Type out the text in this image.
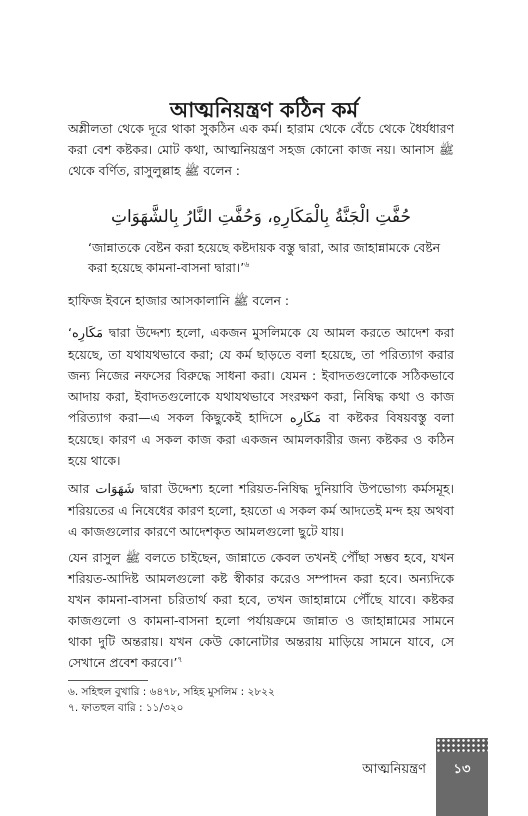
আত্মনিয়ন্ত্রণ কঠিন কর্ম

অশ্লীলতা থেকে দূরে থাকা সুকঠিন এক কর্ম। হারাম থেকে বেঁচে থেকে ধৈর্যধারণ করা বেশ কষ্টকর। মোট কথা, আত্মনিয়ন্ত্রণ সহজ কোনো কাজ নয়। আনাস ﷺ থেকে বর্ণিত, রাসুলুল্লাহ ﷺ বলেন :

حُفَّتِ الْجَنَّةُ بِالْمَكَارِهِ، وَحُفَّتِ النَّارُ بِالشَّهَوَاتِ

‘জান্নাতকে বেষ্টন করা হয়েছে কষ্টদায়ক বস্তু দ্বারা, আর জাহান্নামকে বেষ্টন করা হয়েছে কামনা-বাসনা দ্বারা।’$^৬$

হাফিজ ইবনে হাজার আসকালানি ﷺ বলেন :

‘مَكَارِه দ্বারা উদ্দেশ্য হলো, একজন মুসলিমকে যে আমল করতে আদেশ করা হয়েছে, তা যথাযথভাবে করা; যে কর্ম ছাড়তে বলা হয়েছে, তা পরিত্যাগ করার জন্য নিজের নফসের বিরুদ্ধে সাধনা করা। যেমন : ইবাদতগুলোকে সঠিকভাবে আদায় করা, ইবাদতগুলোকে যথাযথভাবে সংরক্ষণ করা, নিষিদ্ধ কথা ও কাজ পরিত্যাগ করা—এ সকল কিছুকেই হাদিসে مَكَارِه বা কষ্টকর বিষয়বস্তু বলা হয়েছে। কারণ এ সকল কাজ করা একজন আমলকারীর জন্য কষ্টকর ও কঠিন হয়ে থাকে।

আর شَهَوَات দ্বারা উদ্দেশ্য হলো শরিয়ত-নিষিদ্ধ দুনিয়াবি উপভোগ্য কর্মসমূহ। শরিয়তের এ নিষেধের কারণ হলো, হয়তো এ সকল কর্ম আদতেই মন্দ হয় অথবা এ কাজগুলোর কারণে আদেশকৃত আমলগুলো ছুটে যায়।

যেন রাসুল ﷺ বলতে চাইছেন, জান্নাতে কেবল তখনই পৌঁছা সম্ভব হবে, যখন শরিয়ত-আদিষ্ট আমলগুলো কষ্ট স্বীকার করেও সম্পাদন করা হবে। অন্যদিকে যখন কামনা-বাসনা চরিতার্থ করা হবে, তখন জাহান্নামে পৌঁছে যাবে। কষ্টকর কাজগুলো ও কামনা-বাসনা হলো পর্যায়ক্রমে জান্নাত ও জাহান্নামের সামনে থাকা দুটি অন্তরায়। যখন কেউ কোনোটার অন্তরায় মাড়িয়ে সামনে যাবে, সে সেখানে প্রবেশ করবে।’$^৭$

৬. সহিহুল বুখারি : ৬৪৭৮, সহিহ মুসলিম : ২৮২২
৭. ফাতহুল বারি : ১১/৩২০
আত্মনিয়ন্ত্রণ	১৩
